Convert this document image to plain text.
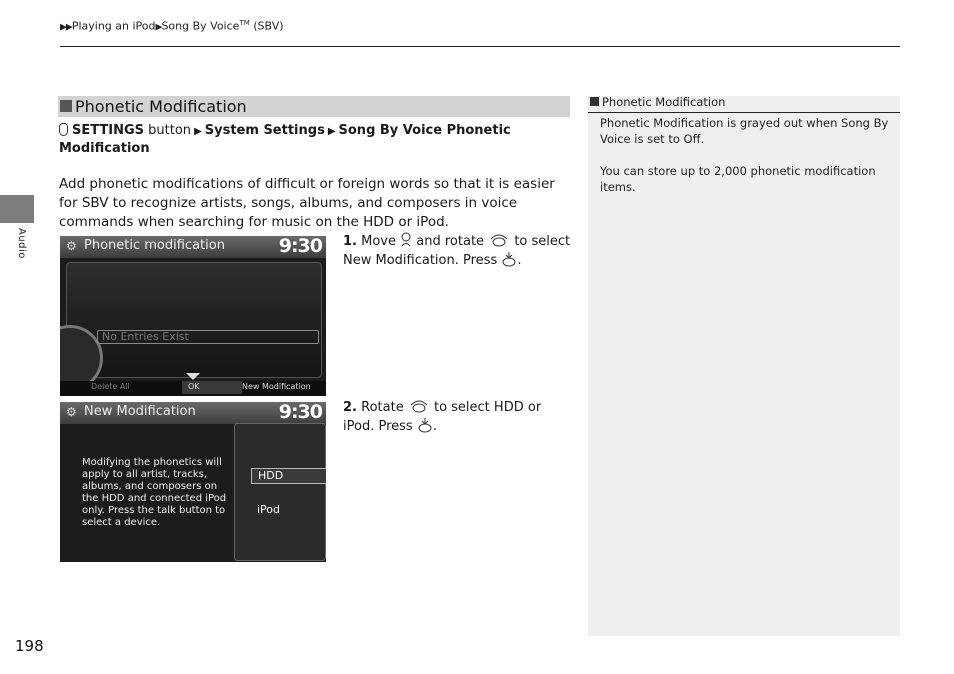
▶▶Playing an iPod▶Song By Voice™ (SBV)
Audio
Phonetic Modification
SETTINGS button ▶ System Settings ▶ Song By Voice Phonetic Modification
Add phonetic modifications of difficult or foreign words so that it is easier for SBV to recognize artists, songs, albums, and composers in voice commands when searching for music on the HDD or iPod.
⚙ Phonetic modification	9:30
No Entries Exist
Delete All	OK	New Modification
1. Move and rotate to select New Modification. Press .
⚙ New Modification	9:30
Modifying the phonetics will apply to all artist, tracks, albums, and composers on the HDD and connected iPod only. Press the talk button to select a device.
HDD
iPod
2. Rotate to select HDD or iPod. Press .
Phonetic Modification
Phonetic Modification is grayed out when Song By Voice is set to Off.
You can store up to 2,000 phonetic modification items.
198
